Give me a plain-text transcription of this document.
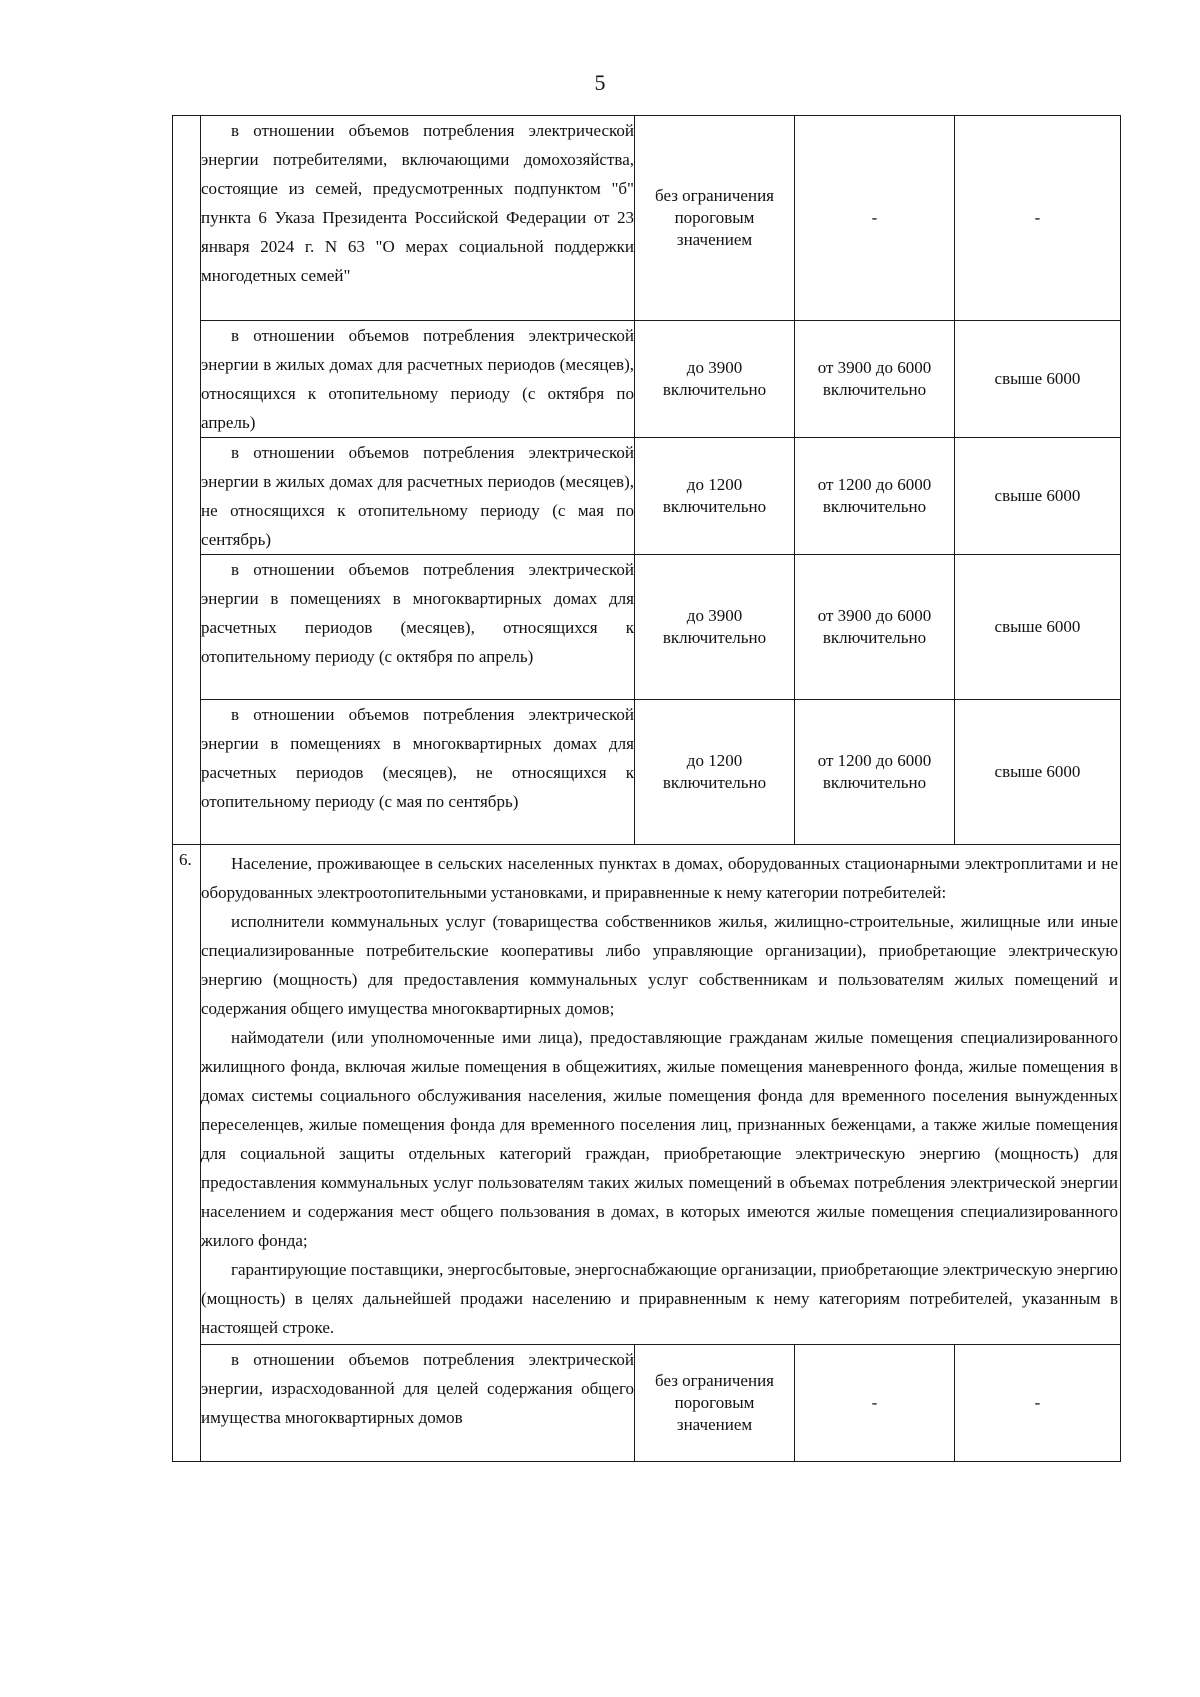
5

	в отношении объемов потребления электрической энергии потребителями, включающими домохозяйства, состоящие из семей, предусмотренных подпунктом "б" пункта 6 Указа Президента Российской Федерации от 23 января 2024 г. N 63 "О мерах социальной поддержки многодетных семей"	без ограничения пороговым значением	-	-

	в отношении объемов потребления электрической энергии в жилых домах для расчетных периодов (месяцев), относящихся к отопительному периоду (с октября по апрель)	до 3900 включительно	от 3900 до 6000 включительно	свыше 6000

	в отношении объемов потребления электрической энергии в жилых домах для расчетных периодов (месяцев), не относящихся к отопительному периоду (с мая по сентябрь)	до 1200 включительно	от 1200 до 6000 включительно	свыше 6000

	в отношении объемов потребления электрической энергии в помещениях в многоквартирных домах для расчетных периодов (месяцев), относящихся к отопительному периоду (с октября по апрель)	до 3900 включительно	от 3900 до 6000 включительно	свыше 6000

	в отношении объемов потребления электрической энергии в помещениях в многоквартирных домах для расчетных периодов (месяцев), не относящихся к отопительному периоду (с мая по сентябрь)	до 1200 включительно	от 1200 до 6000 включительно	свыше 6000
6.	Население, проживающее в сельских населенных пунктах в домах, оборудованных стационарными электроплитами и не оборудованных электроотопительными установками, и приравненные к нему категории потребителей:

исполнители коммунальных услуг (товарищества собственников жилья, жилищно-строительные, жилищные или иные специализированные потребительские кооперативы либо управляющие организации), приобретающие электрическую энергию (мощность) для предоставления коммунальных услуг собственникам и пользователям жилых помещений и содержания общего имущества многоквартирных домов;

наймодатели (или уполномоченные ими лица), предоставляющие гражданам жилые помещения специализированного жилищного фонда, включая жилые помещения в общежитиях, жилые помещения маневренного фонда, жилые помещения в домах системы социального обслуживания населения, жилые помещения фонда для временного поселения вынужденных переселенцев, жилые помещения фонда для временного поселения лиц, признанных беженцами, а также жилые помещения для социальной защиты отдельных категорий граждан, приобретающие электрическую энергию (мощность) для предоставления коммунальных услуг пользователям таких жилых помещений в объемах потребления электрической энергии населением и содержания мест общего пользования в домах, в которых имеются жилые помещения специализированного жилого фонда;

гарантирующие поставщики, энергосбытовые, энергоснабжающие организации, приобретающие электрическую энергию (мощность) в целях дальнейшей продажи населению и приравненным к нему категориям потребителей, указанным в настоящей строке.			

	в отношении объемов потребления электрической энергии, израсходованной для целей содержания общего имущества многоквартирных домов	без ограничения пороговым значением	-	-
